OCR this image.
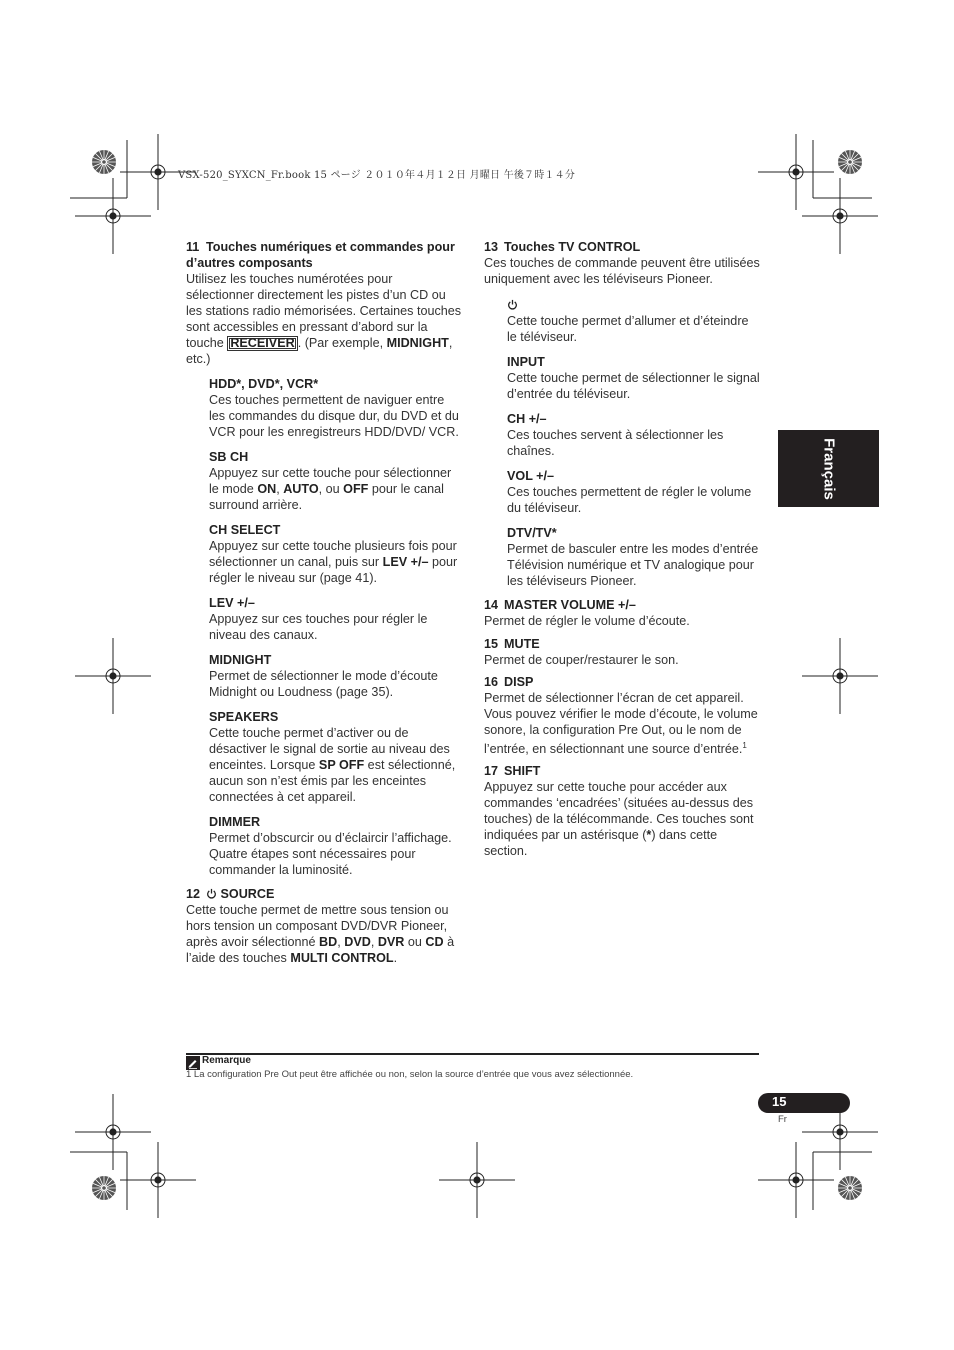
VSX-520_SYXCN_Fr.book 15 ページ ２０１０年４月１２日 月曜日 午後７時１４分

11 Touches numériques et commandes pour d’autres composants

Utilisez les touches numérotées pour sélectionner directement les pistes d’un CD ou les stations radio mémorisées. Certaines touches sont accessibles en pressant d’abord sur la touche RECEIVER . (Par exemple, MIDNIGHT, etc.)

HDD*, DVD*, VCR*

Ces touches permettent de naviguer entre les commandes du disque dur, du DVD et du VCR pour les enregistreurs HDD/DVD/ VCR.

SB CH

Appuyez sur cette touche pour sélectionner le mode ON, AUTO, ou OFF pour le canal surround arrière.

CH SELECT

Appuyez sur cette touche plusieurs fois pour sélectionner un canal, puis sur LEV +/– pour régler le niveau sur (page 41).

LEV +/–

Appuyez sur ces touches pour régler le niveau des canaux.

MIDNIGHT

Permet de sélectionner le mode d’écoute Midnight ou Loudness (page 35).

SPEAKERS

Cette touche permet d’activer ou de désactiver le signal de sortie au niveau des enceintes. Lorsque SP OFF est sélectionné, aucun son n’est émis par les enceintes connectées à cet appareil.

DIMMER

Permet d’obscurcir ou d’éclaircir l’affichage. Quatre étapes sont nécessaires pour commander la luminosité.

12 SOURCE

Cette touche permet de mettre sous tension ou hors tension un composant DVD/DVR Pioneer, après avoir sélectionné BD, DVD, DVR ou CD à l’aide des touches MULTI CONTROL.

13 Touches TV CONTROL

Ces touches de commande peuvent être utilisées uniquement avec les téléviseurs Pioneer.

Cette touche permet d’allumer et d’éteindre le téléviseur.

INPUT

Cette touche permet de sélectionner le signal d’entrée du téléviseur.

CH +/–

Ces touches servent à sélectionner les chaînes.

VOL +/–

Ces touches permettent de régler le volume du téléviseur.

DTV/TV*

Permet de basculer entre les modes d’entrée Télévision numérique et TV analogique pour les téléviseurs Pioneer.

14 MASTER VOLUME +/–

Permet de régler le volume d’écoute.

15 MUTE

Permet de couper/restaurer le son.

16 DISP

Permet de sélectionner l’écran de cet appareil. Vous pouvez vérifier le mode d’écoute, le volume sonore, la configuration Pre Out, ou le nom de l’entrée, en sélectionnant une source d’entrée.$^1$

17 SHIFT

Appuyez sur cette touche pour accéder aux commandes ‘encadrées’ (situées au-dessus des touches) de la télécommande. Ces touches sont indiquées par un astérisque (*) dans cette section.

Français
Remarque
1 La configuration Pre Out peut être affichée ou non, selon la source d’entrée que vous avez sélectionnée.
15
Fr
